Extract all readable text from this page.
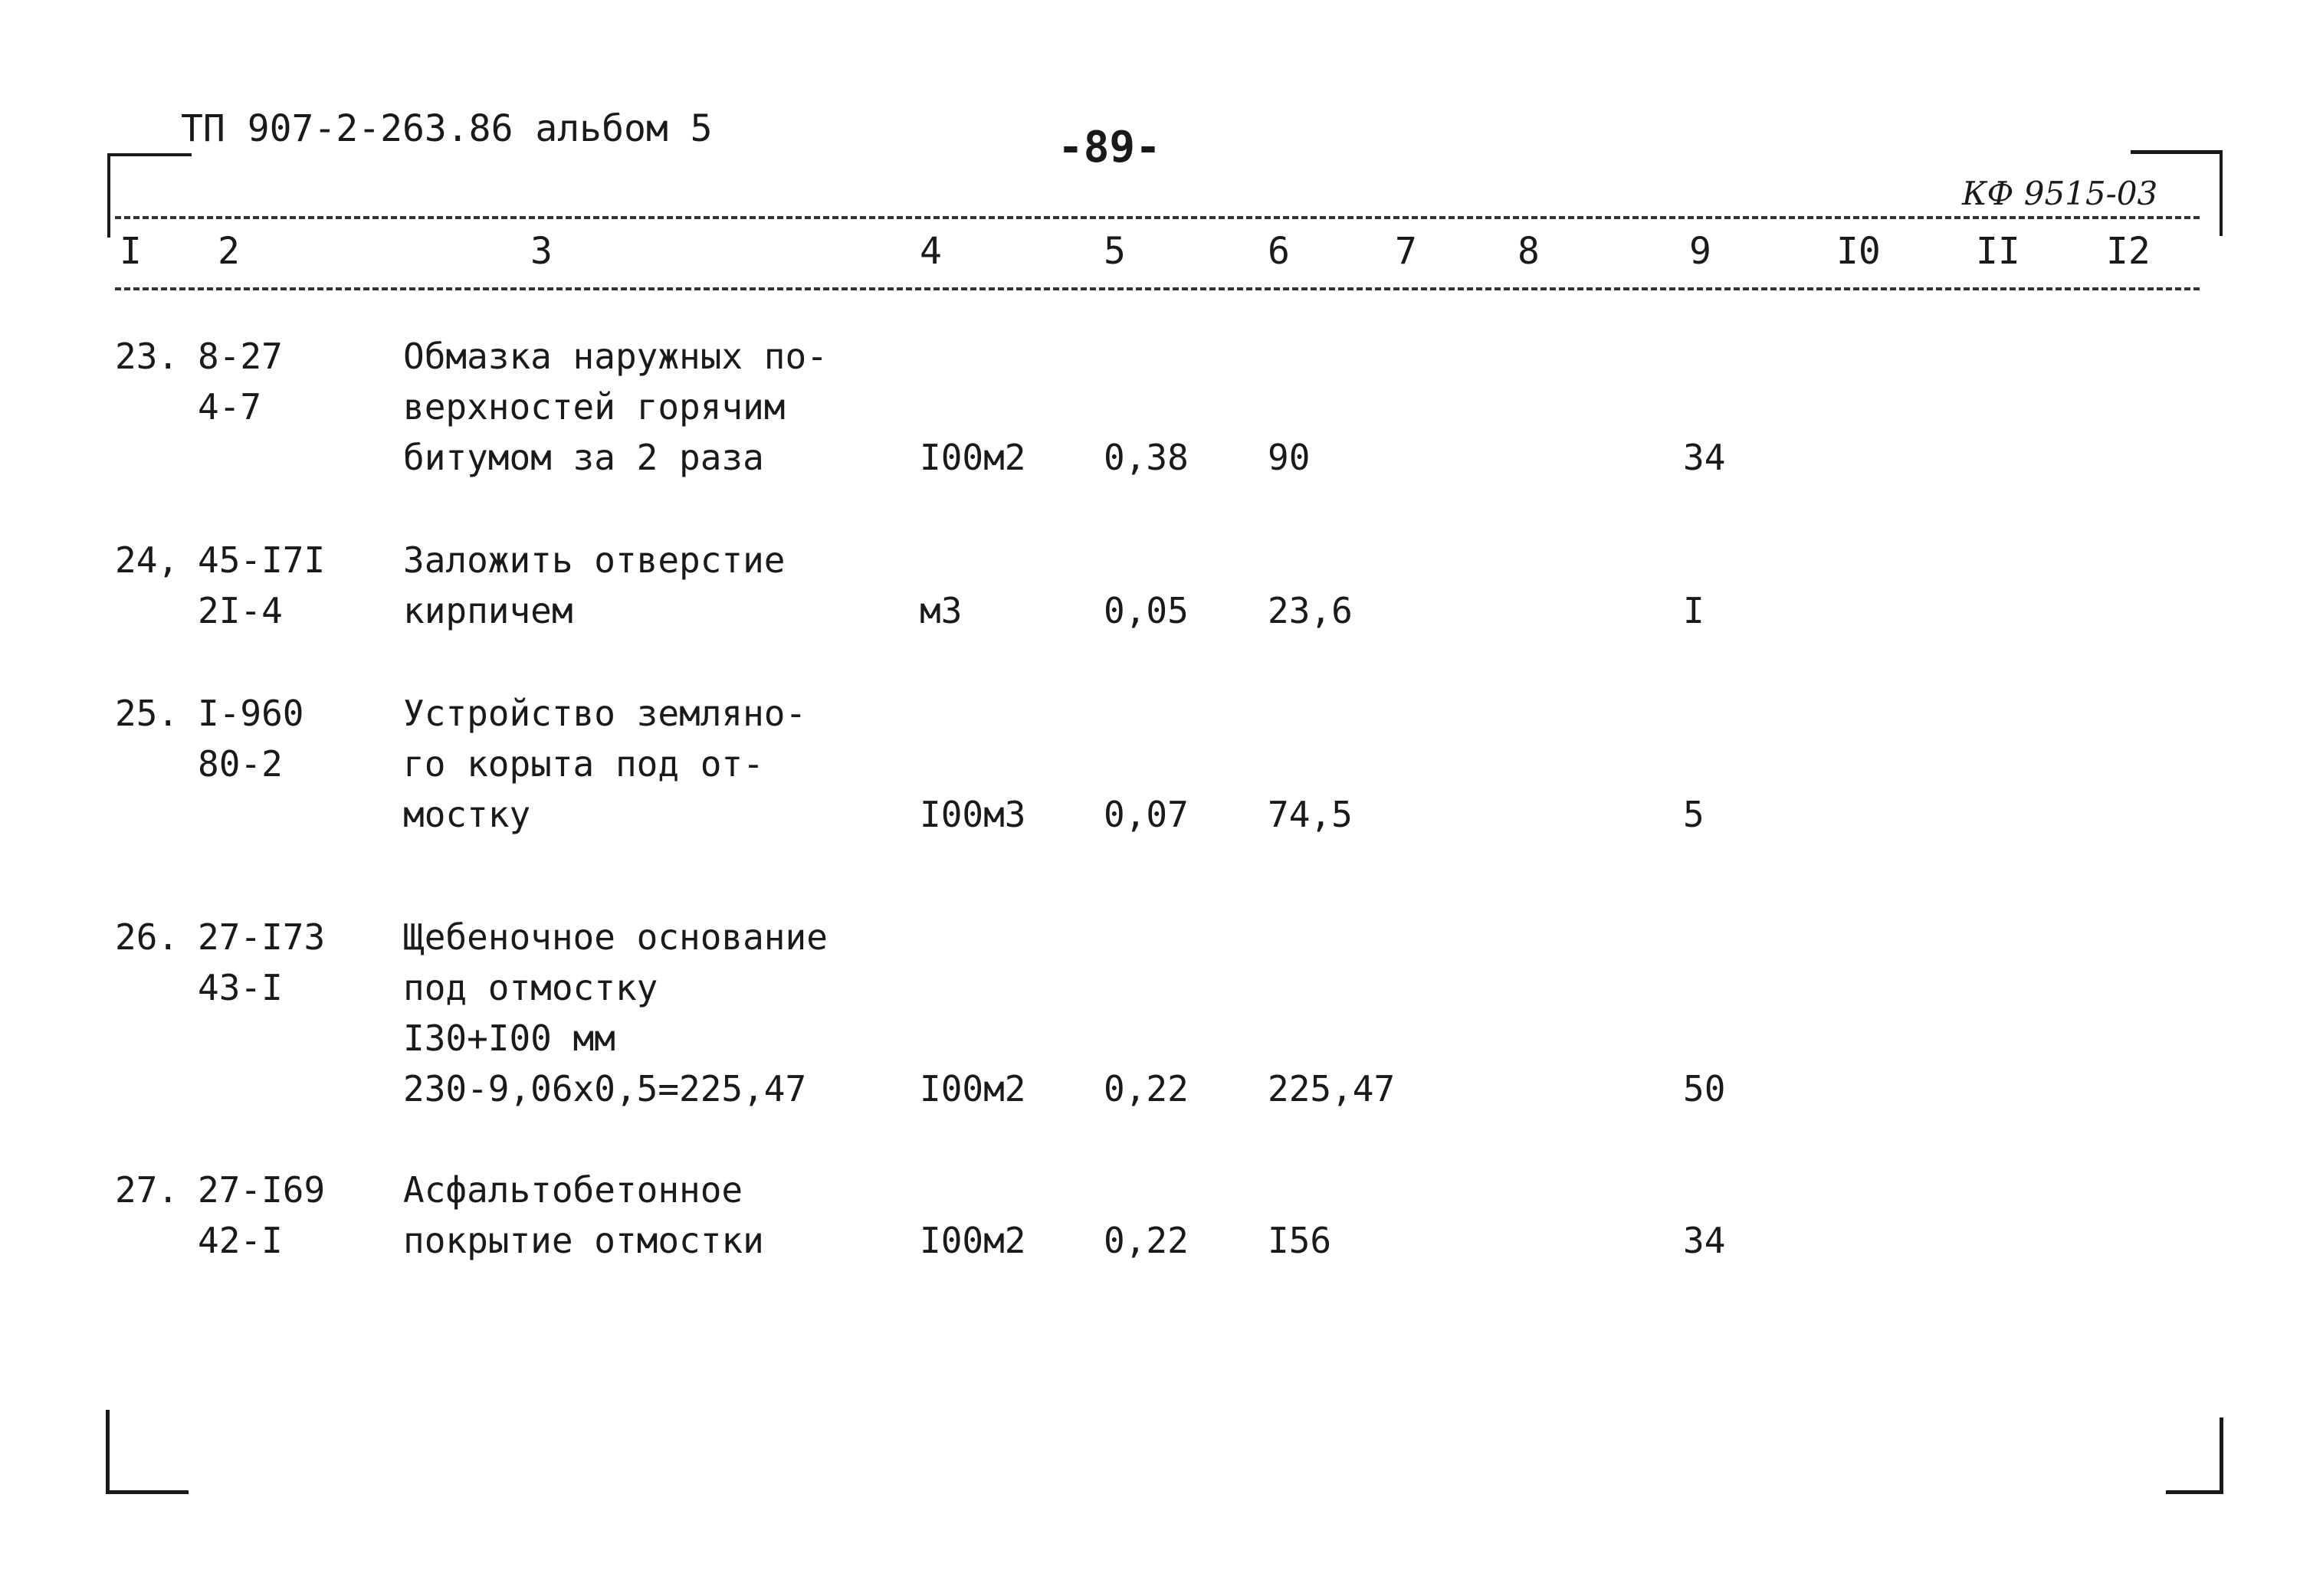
ТП 907-2-263.86 альбом 5	-89-
КФ 9515-03
I 2	3	4	5	6	7	8	9	I0	II I2
23. 8-27
4-7
Обмазка наружных по-
верхностей горячим
битумом за 2 раза	I00м2 0,38 90	34
24, 45-I7I
2I-4
Заложить отверстие
кирпичем	м3	0,05 23,6	I
25. I-960
80-2
Устройство земляно-
го корыта под от-
мостку	I00м3 0,07 74,5	5
26. 27-I73
43-I
Щебеночное основание
под отмостку
I30+I00 мм
230-9,06x0,5=225,47	I00м2 0,22 225,47	50
27. 27-I69
42-I
Асфальтобетонное
покрытие отмостки	I00м2 0,22 I56	34
